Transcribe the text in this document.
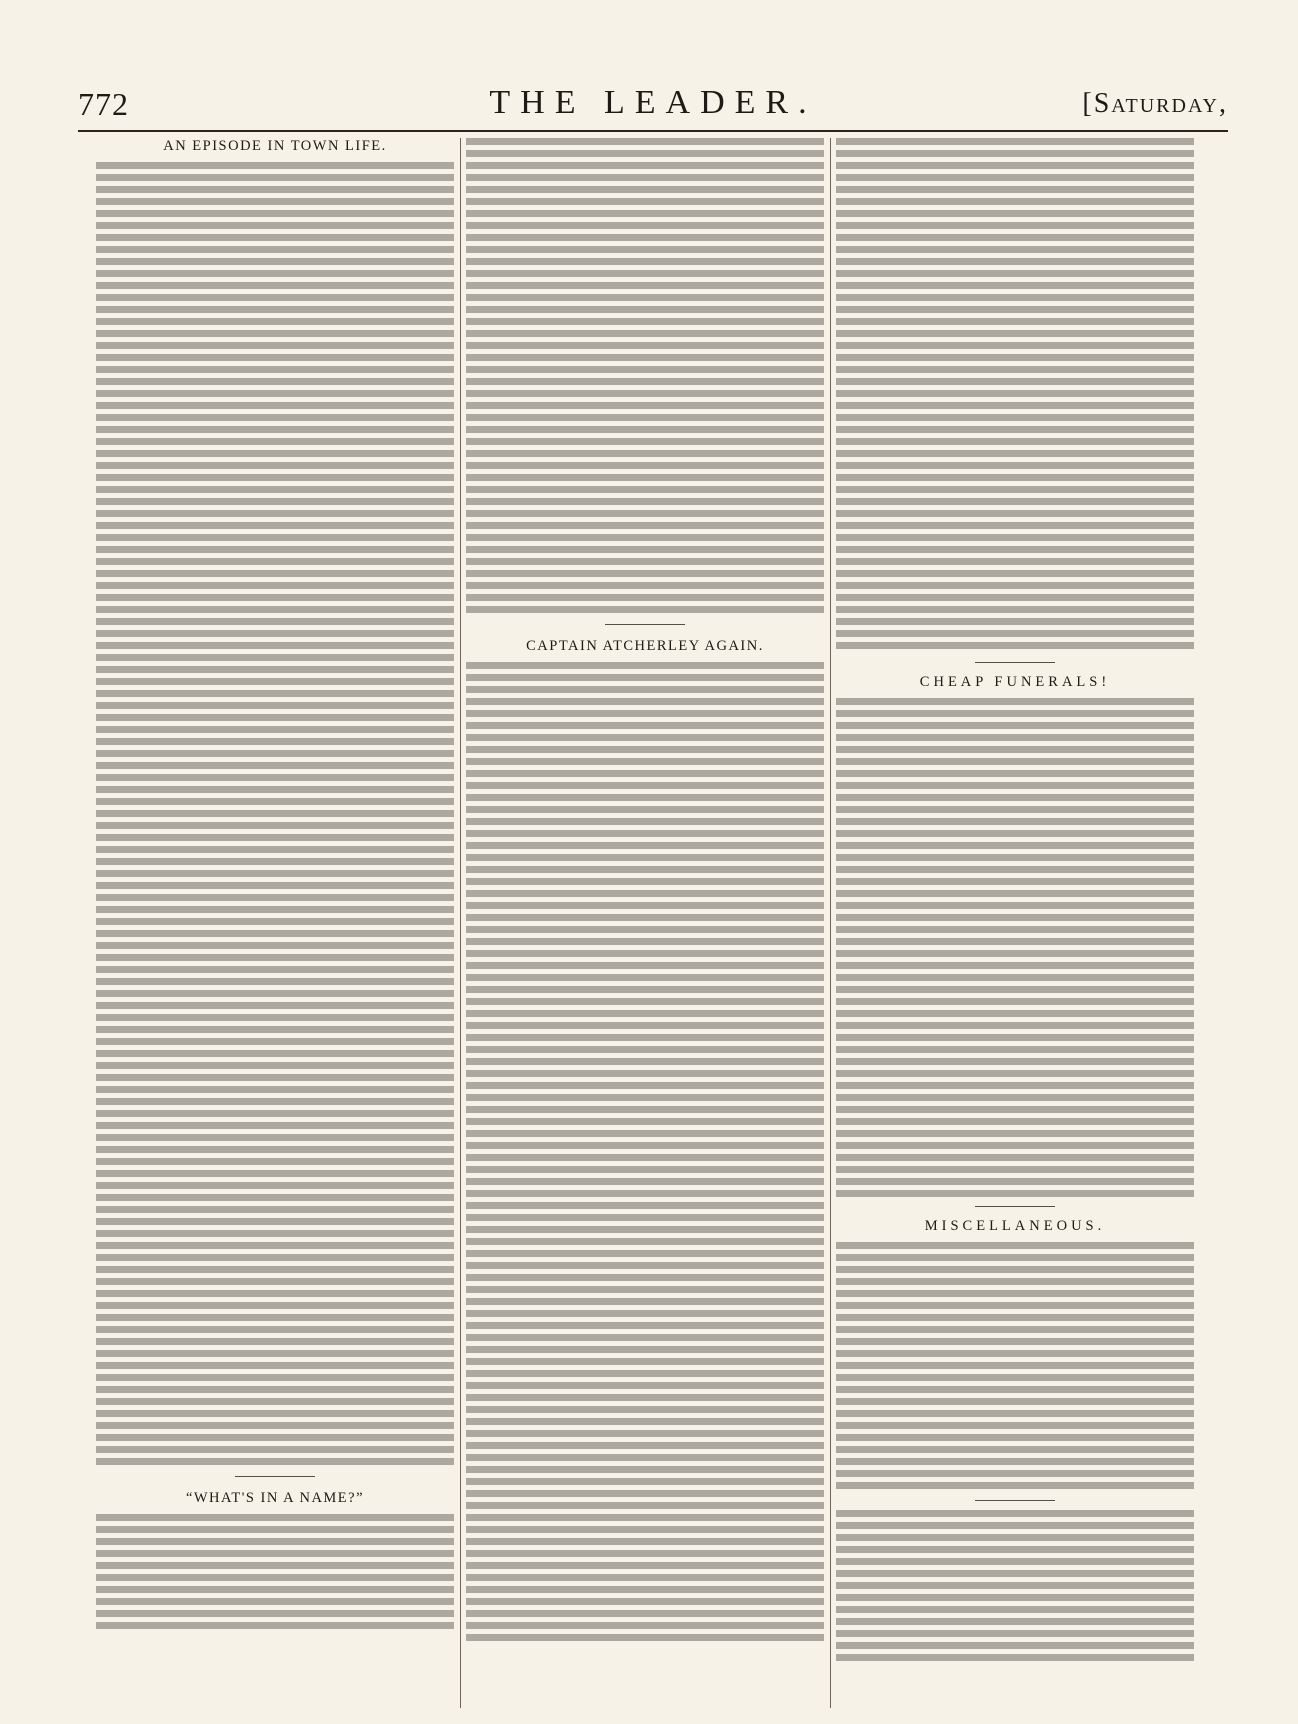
772	THE LEADER.	[Saturday,
AN EPISODE IN TOWN LIFE.
“WHAT'S IN A NAME?”
CAPTAIN ATCHERLEY AGAIN.
CHEAP FUNERALS!
MISCELLANEOUS.
